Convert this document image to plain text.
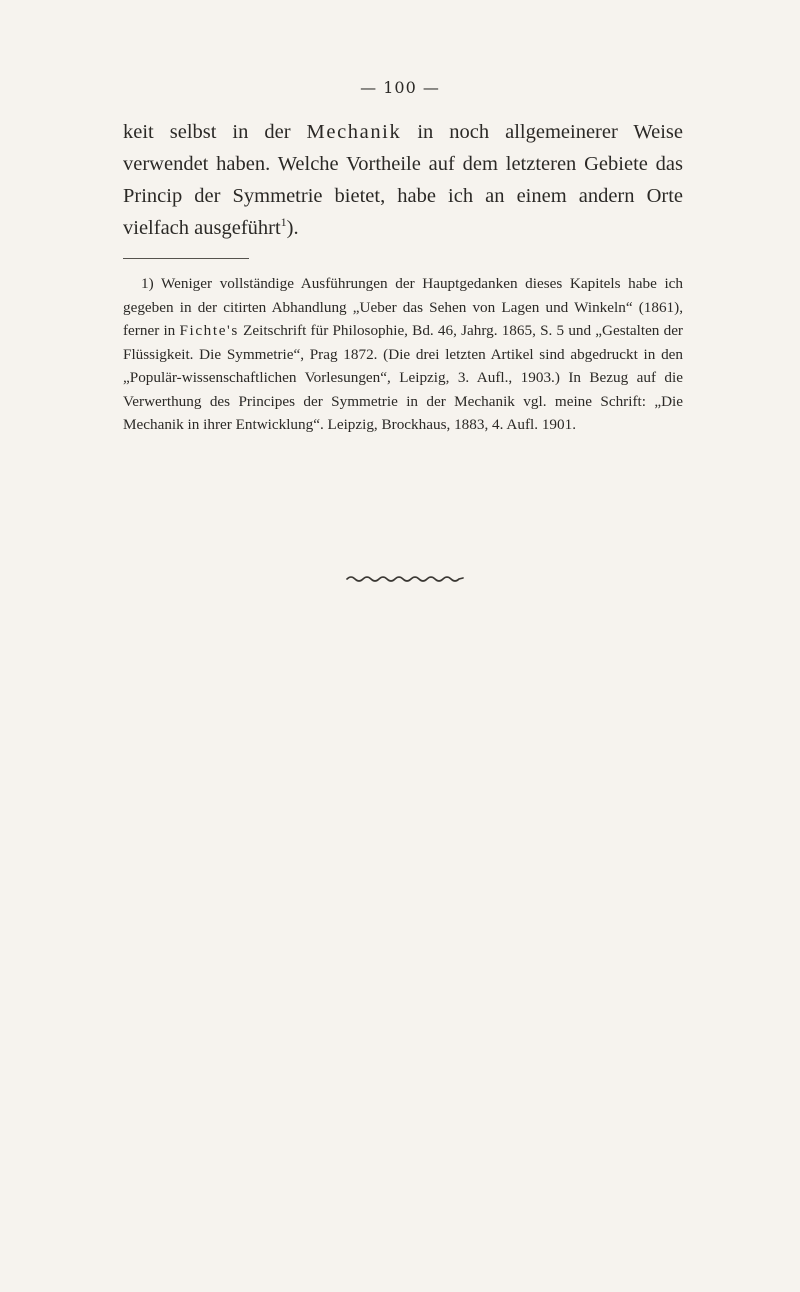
— 100 —

keit selbst in der Mechanik in noch allgemeinerer Weise verwendet haben. Welche Vortheile auf dem letzteren Gebiete das Princip der Symmetrie bietet, habe ich an einem andern Orte vielfach ausgeführt$^1$).

1) Weniger vollständige Ausführungen der Hauptgedanken dieses Kapitels habe ich gegeben in der citirten Abhandlung „Ueber das Sehen von Lagen und Winkeln“ (1861), ferner in Fichte's Zeitschrift für Philosophie, Bd. 46, Jahrg. 1865, S. 5 und „Gestalten der Flüssigkeit. Die Symmetrie“, Prag 1872. (Die drei letzten Artikel sind abgedruckt in den „Populär-wissenschaftlichen Vorlesungen“, Leipzig, 3. Aufl., 1903.) In Bezug auf die Verwerthung des Principes der Symmetrie in der Mechanik vgl. meine Schrift: „Die Mechanik in ihrer Entwicklung“. Leipzig, Brockhaus, 1883, 4. Aufl. 1901.
